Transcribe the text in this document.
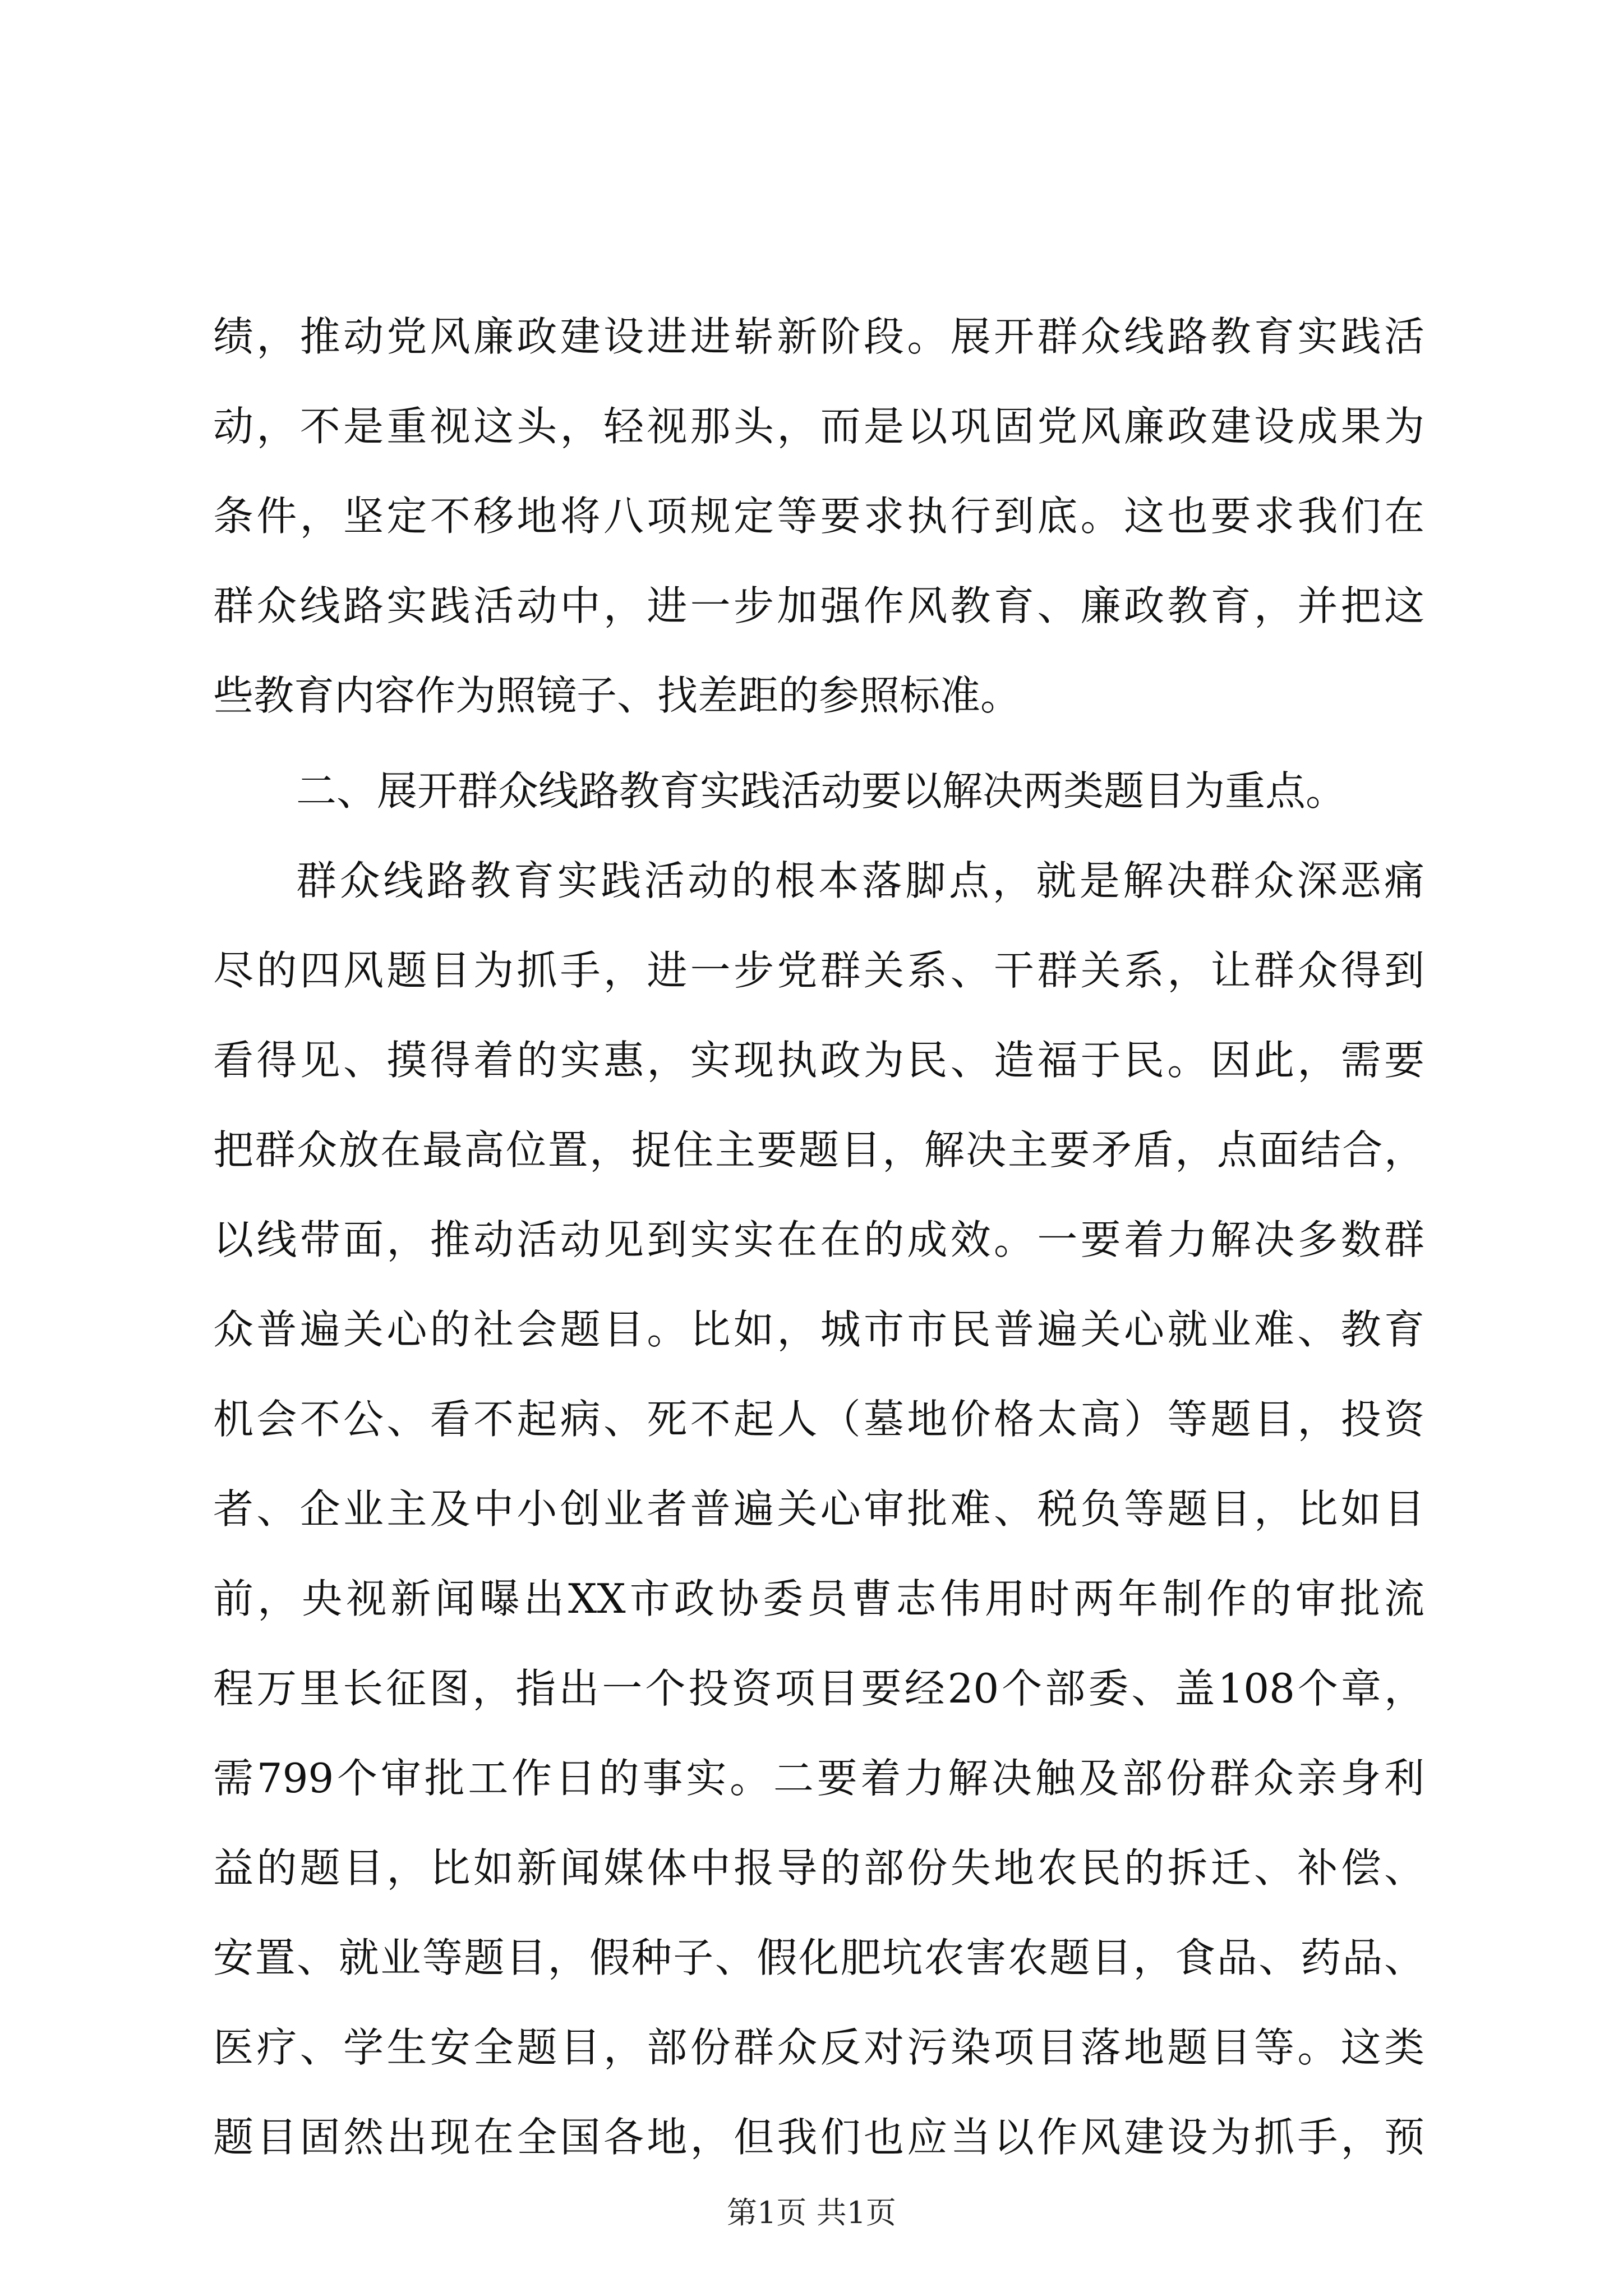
绩，推动党风廉政建设进进崭新阶段。展开群众线路教育实践活
动，不是重视这头，轻视那头，而是以巩固党风廉政建设成果为
条件，坚定不移地将八项规定等要求执行到底。这也要求我们在
群众线路实践活动中，进一步加强作风教育、廉政教育，并把这
些教育内容作为照镜子、找差距的参照标准。
二、展开群众线路教育实践活动要以解决两类题目为重点。
群众线路教育实践活动的根本落脚点，就是解决群众深恶痛
尽的四风题目为抓手，进一步党群关系、干群关系，让群众得到
看得见、摸得着的实惠，实现执政为民、造福于民。因此，需要
把群众放在最高位置，捉住主要题目，解决主要矛盾，点面结合，
以线带面，推动活动见到实实在在的成效。一要着力解决多数群
众普遍关心的社会题目。比如，城市市民普遍关心就业难、教育
机会不公、看不起病、死不起人（墓地价格太高）等题目，投资
者、企业主及中小创业者普遍关心审批难、税负等题目，比如目
前，央视新闻曝出XX市政协委员曹志伟用时两年制作的审批流
程万里长征图，指出一个投资项目要经20个部委、盖108个章，
需799个审批工作日的事实。二要着力解决触及部份群众亲身利
益的题目，比如新闻媒体中报导的部份失地农民的拆迁、补偿、
安置、就业等题目，假种子、假化肥坑农害农题目，食品、药品、
医疗、学生安全题目，部份群众反对污染项目落地题目等。这类
题目固然出现在全国各地，但我们也应当以作风建设为抓手，预
第1页 共1页
